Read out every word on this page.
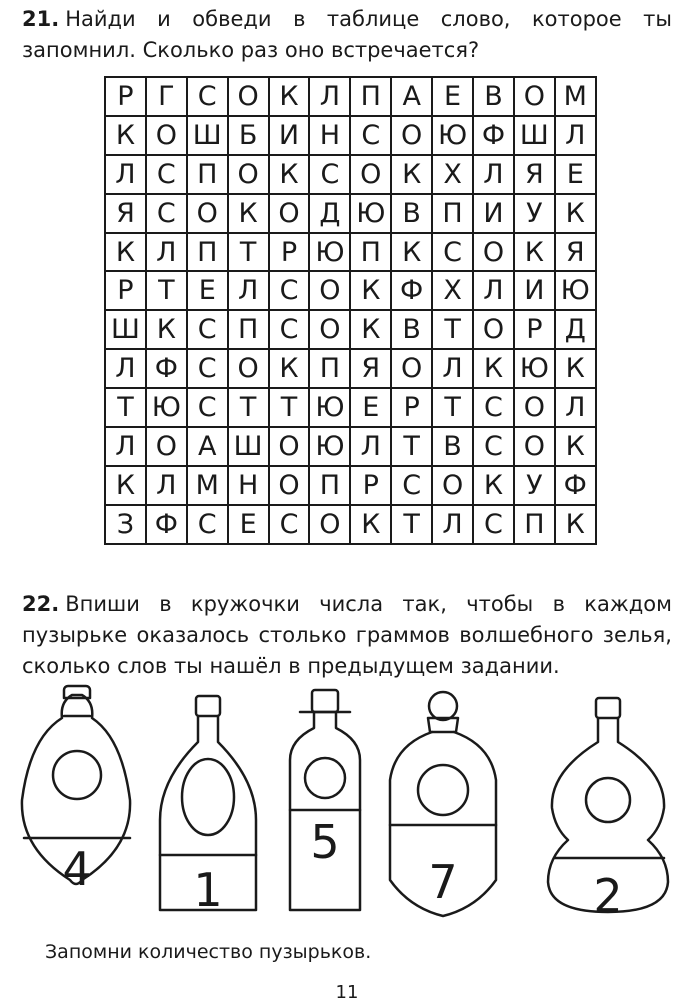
21. Найди и обведи в таблице слово, которое ты запомнил. Сколько раз оно встречается?
Р	Г	С	О	К	Л	П	А	Е	В	О	М
К	О	Ш	Б	И	Н	С	О	Ю	Ф	Ш	Л
Л	С	П	О	К	С	О	К	Х	Л	Я	Е
Я	С	О	К	О	Д	Ю	В	П	И	У	К
К	Л	П	Т	Р	Ю	П	К	С	О	К	Я
Р	Т	Е	Л	С	О	К	Ф	Х	Л	И	Ю
Ш	К	С	П	С	О	К	В	Т	О	Р	Д
Л	Ф	С	О	К	П	Я	О	Л	К	Ю	К
Т	Ю	С	Т	Т	Ю	Е	Р	Т	С	О	Л
Л	О	А	Ш	О	Ю	Л	Т	В	С	О	К
К	Л	М	Н	О	П	Р	С	О	К	У	Ф
З	Ф	С	Е	С	О	К	Т	Л	С	П	К
22. Впиши в кружочки числа так, чтобы в каждом пузырьке оказалось столько граммов волшебного зелья, сколько слов ты нашёл в предыдущем задании.
4 1
5
7	2
Запомни количество пузырьков.
11
